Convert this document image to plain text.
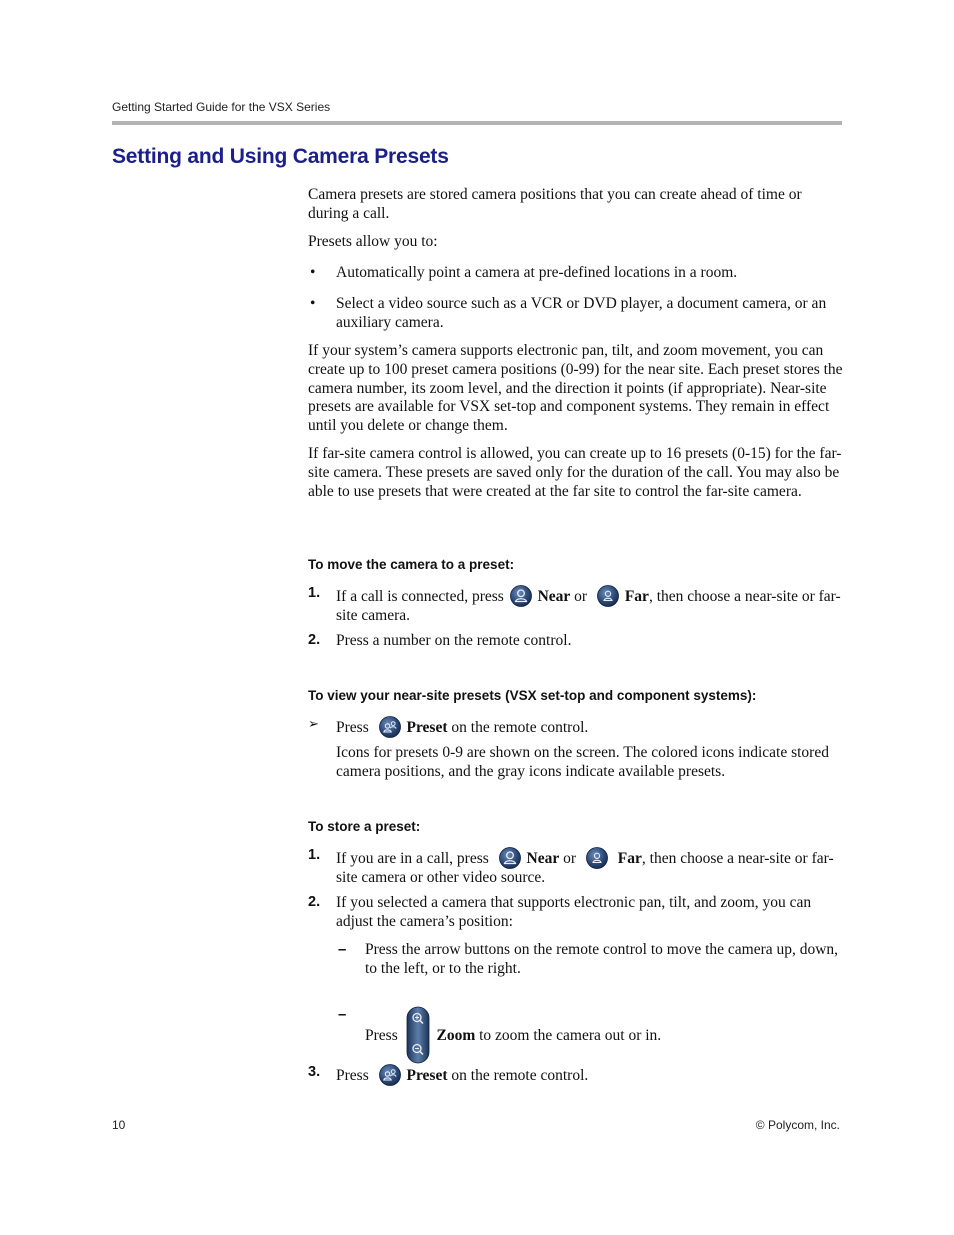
Getting Started Guide for the VSX Series
Setting and Using Camera Presets

Camera presets are stored camera positions that you can create ahead of time or during a call.

Presets allow you to:

• Automatically point a camera at pre-defined locations in a room.

• Select a video source such as a VCR or DVD player, a document camera, or an auxiliary camera.

If your system’s camera supports electronic pan, tilt, and zoom movement, you can create up to 100 preset camera positions (0-99) for the near site. Each preset stores the camera number, its zoom level, and the direction it points (if appropriate). Near-site presets are available for VSX set-top and component systems. They remain in effect until you delete or change them.

If far-site camera control is allowed, you can create up to 16 presets (0-15) for the far-site camera. These presets are saved only for the duration of the call. You may also be able to use presets that were created at the far site to control the far-site camera.

To move the camera to a preset:
1. If a call is connected, press Near or Far, then choose a near-site or far-site camera.

2. Press a number on the remote control.

To view your near-site presets (VSX set-top and component systems):
➢ Press Preset on the remote control.

Icons for presets 0-9 are shown on the screen. The colored icons indicate stored camera positions, and the gray icons indicate available presets.

To store a preset:
1. If you are in a call, press Near or	Far, then choose a near-site or far-site camera or other video source.

2. If you selected a camera that supports electronic pan, tilt, and zoom, you can adjust the camera’s position:

– Press the arrow buttons on the remote control to move the camera up, down, to the left, or to the right.

–

Press	Zoom to zoom the camera out or in.

3. Press Preset on the remote control.

10	© Polycom, Inc.
